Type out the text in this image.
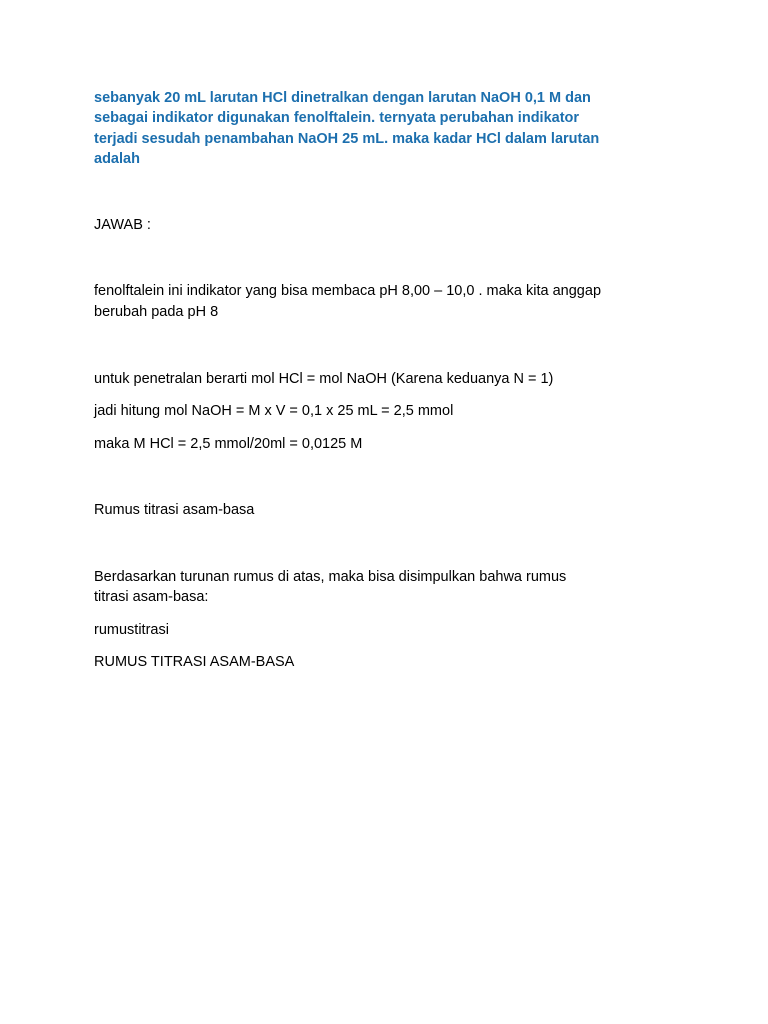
sebanyak 20 mL larutan HCl dinetralkan dengan larutan NaOH 0,1 M dan
sebagai indikator digunakan fenolftalein. ternyata perubahan indikator
terjadi sesudah penambahan NaOH 25 mL. maka kadar HCl dalam larutan
adalah
JAWAB :
fenolftalein ini indikator yang bisa membaca pH 8,00 – 10,0 . maka kita anggap
berubah pada pH 8
untuk penetralan berarti mol HCl = mol NaOH (Karena keduanya N = 1)
jadi hitung mol NaOH = M x V = 0,1 x 25 mL = 2,5 mmol
maka M HCl = 2,5 mmol/20ml = 0,0125 M
Rumus titrasi asam-basa
Berdasarkan turunan rumus di atas, maka bisa disimpulkan bahwa rumus
titrasi asam-basa:
rumustitrasi
RUMUS TITRASI ASAM-BASA
